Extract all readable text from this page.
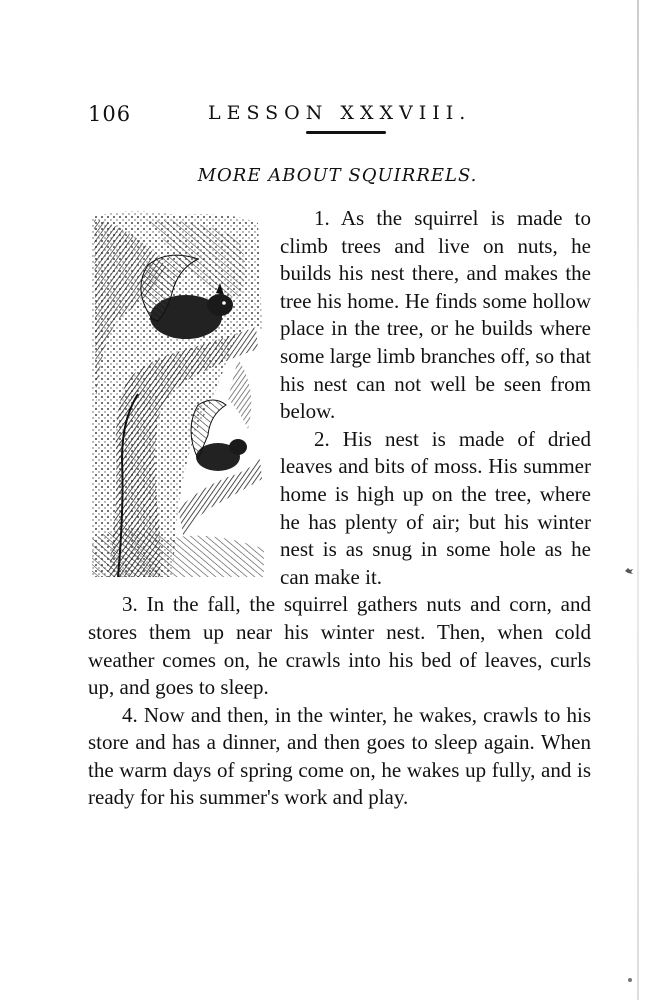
106	LESSON XXXVIII.
MORE ABOUT SQUIRRELS.

1. As the squirrel is made to climb trees and live on nuts, he builds his nest there, and makes the tree his home. He finds some hollow place in the tree, or he builds where some large limb branches off, so that his nest can not well be seen from below.

2. His nest is made of dried leaves and bits of moss. His summer home is high up on the tree, where he has plenty of air; but his winter nest is as snug in some hole as he can make it.

3. In the fall, the squirrel gathers nuts and corn, and stores them up near his winter nest. Then, when cold weather comes on, he crawls into his bed of leaves, curls up, and goes to sleep.

4. Now and then, in the winter, he wakes, crawls to his store and has a dinner, and then goes to sleep again. When the warm days of spring come on, he wakes up fully, and is ready for his summer's work and play.
